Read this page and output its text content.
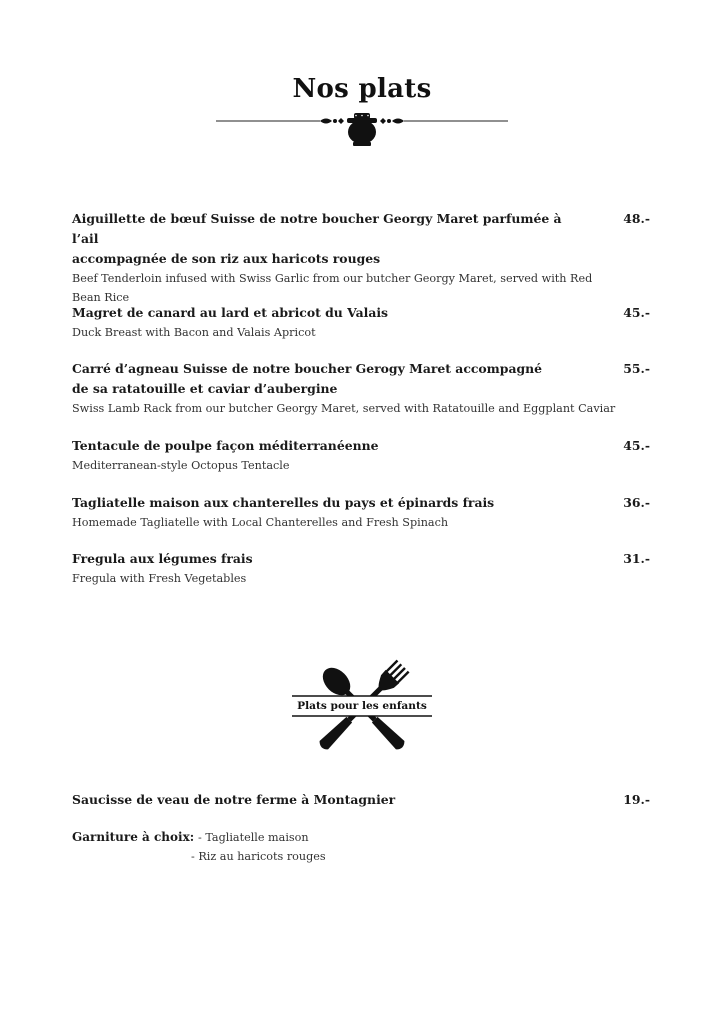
Nos plats
Aiguillette de bœuf Suisse de notre boucher Georgy Maret parfumée à l’ail
accompagnée de son riz aux haricots rouges
Beef Tenderloin infused with Swiss Garlic from our butcher Georgy Maret, served with Red
Bean Rice
48.-
Magret de canard au lard et abricot du Valais
Duck Breast with Bacon and Valais Apricot
45.-
Carré d’agneau Suisse de notre boucher Gerogy Maret accompagné
de sa ratatouille et caviar d’aubergine
Swiss Lamb Rack from our butcher Georgy Maret, served with Ratatouille and Eggplant Caviar
55.-
Tentacule de poulpe façon méditerranéenne
Mediterranean-style Octopus Tentacle
45.-
Tagliatelle maison aux chanterelles du pays et épinards frais
Homemade Tagliatelle with Local Chanterelles and Fresh Spinach
36.-
Fregula aux légumes frais
Fregula with Fresh Vegetables
31.-
Plats pour les enfants
Saucisse de veau de notre ferme à Montagnier	19.-
Garniture à choix: - Tagliatelle maison
- Riz au haricots rouges
